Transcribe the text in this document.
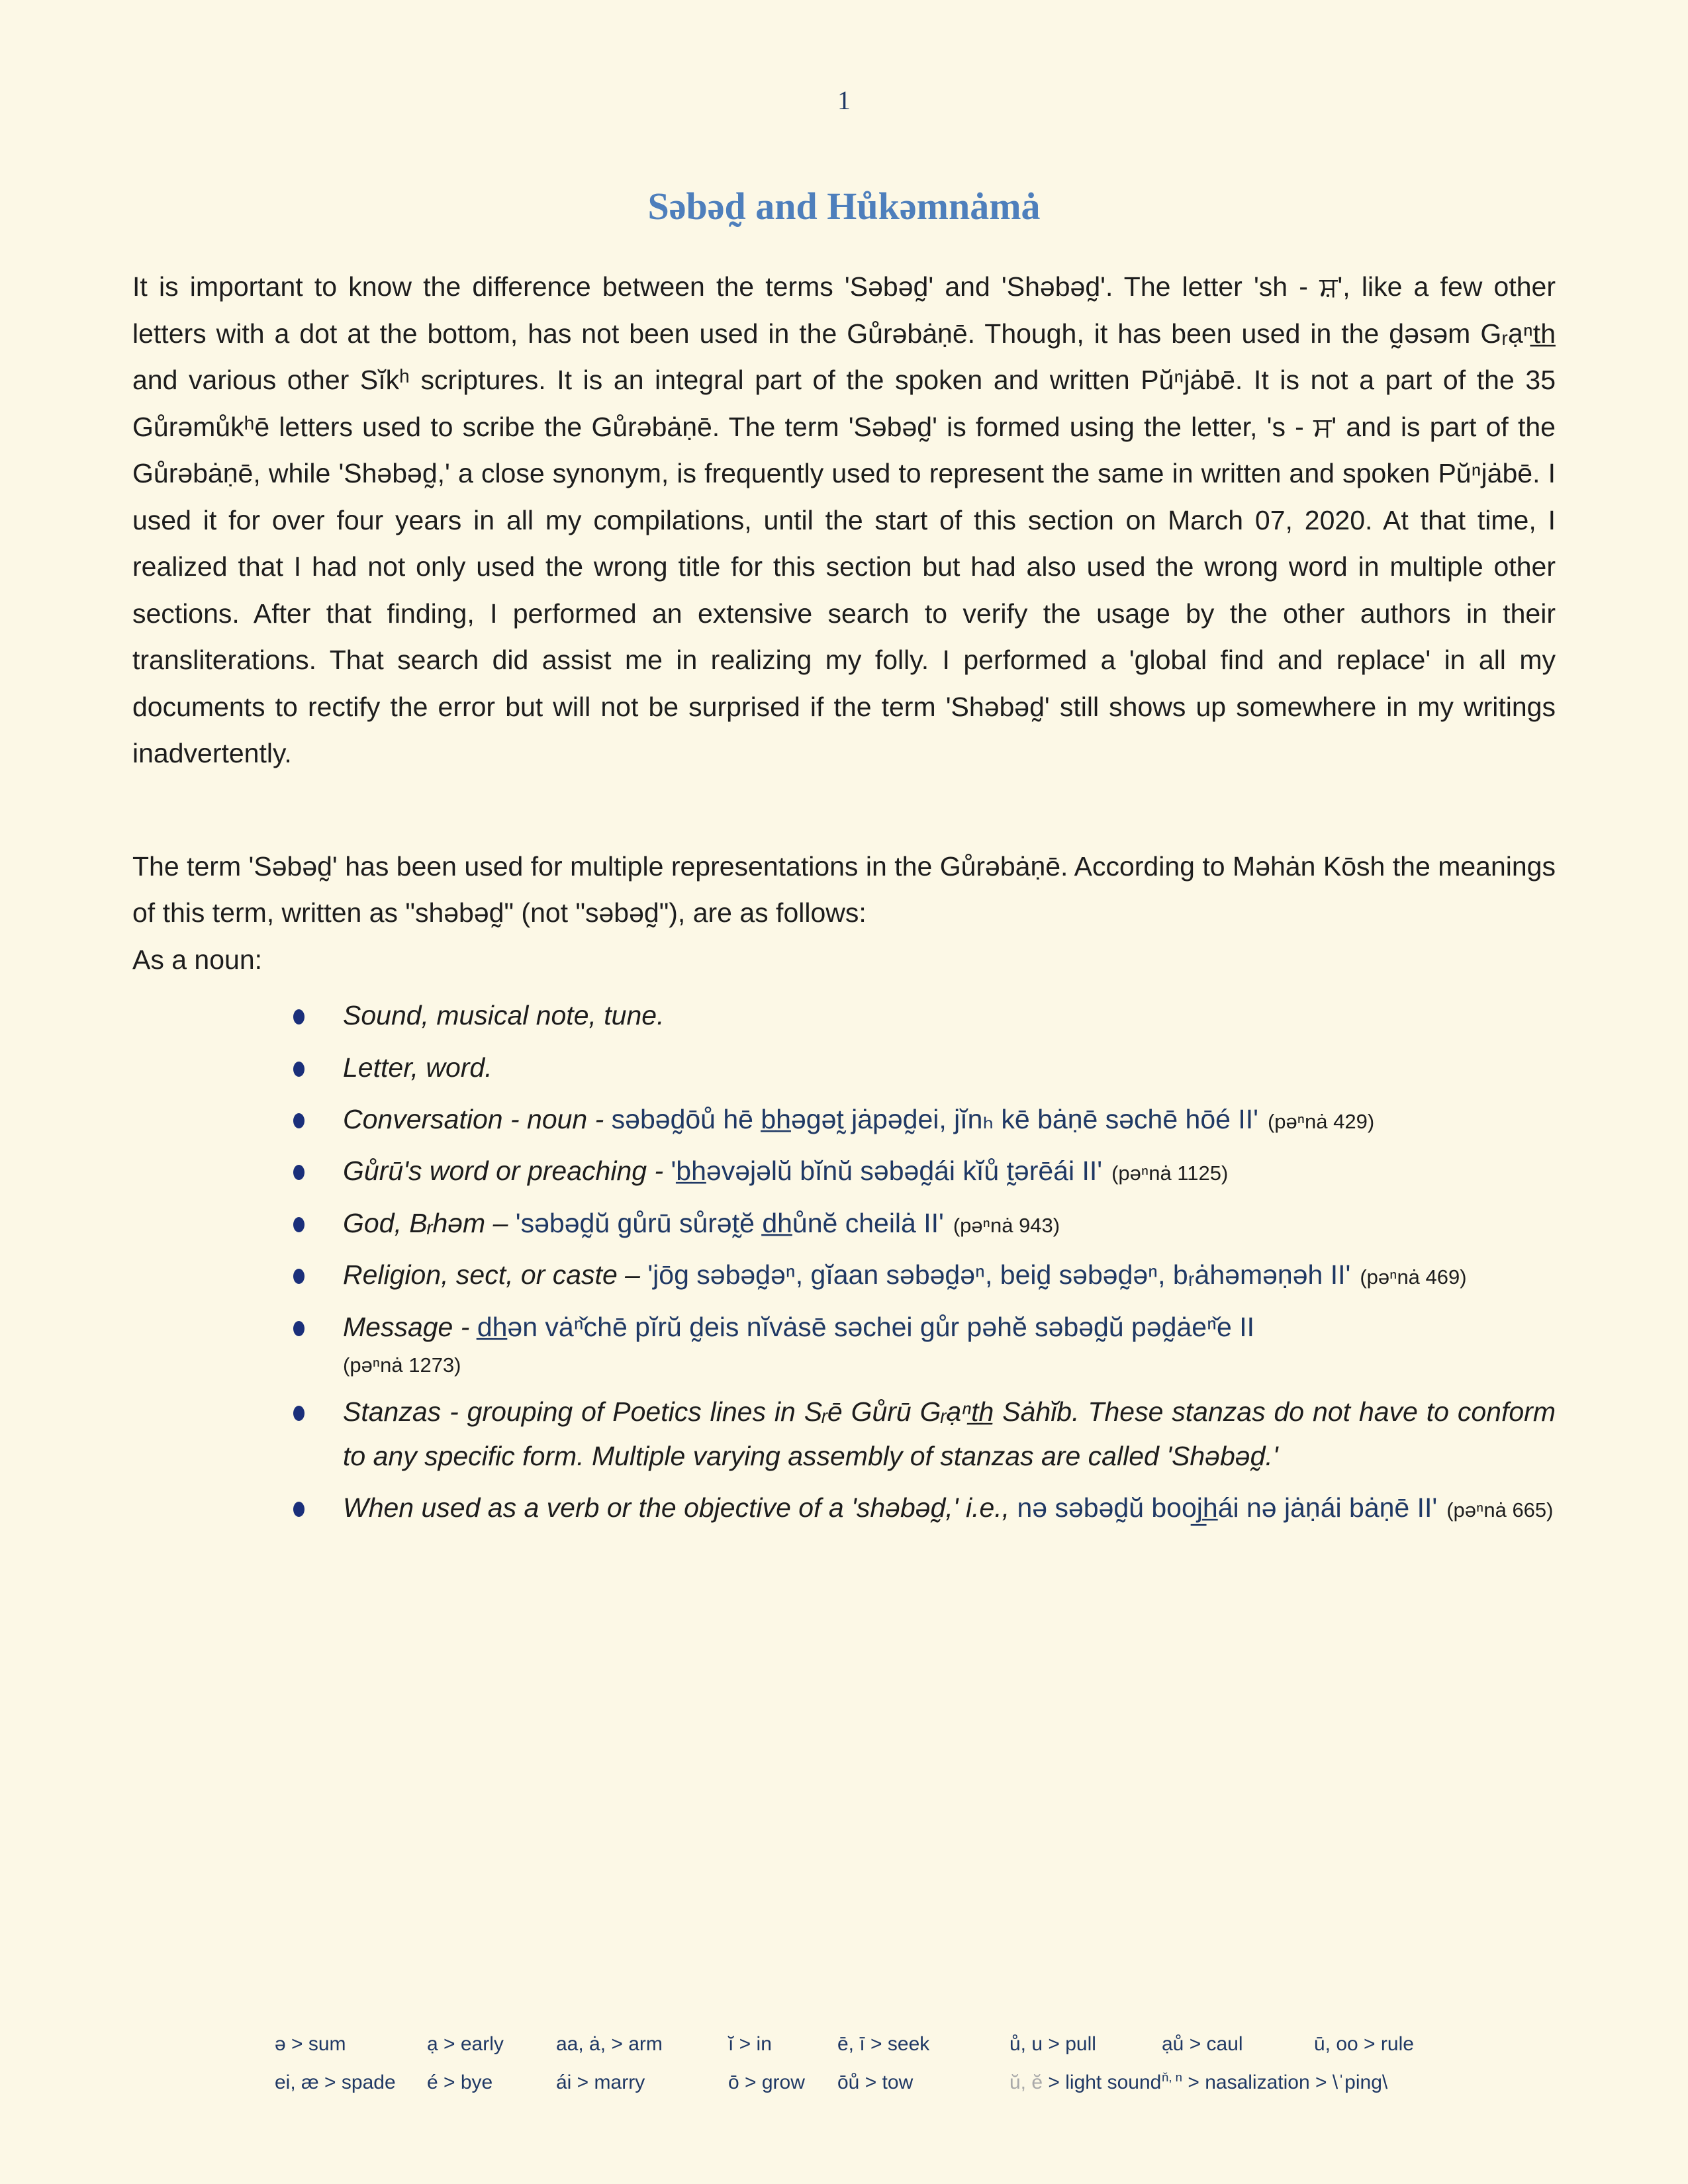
1
Səbəd̰ and Hůkəmnȧmȧ

It is important to know the difference between the terms 'Səbəd̰' and 'Shəbəd̰'. The letter 'sh - ਸ਼', like a few other letters with a dot at the bottom, has not been used in the Gůrəbȧṇē. Though, it has been used in the d̰əsəm Gᵣạⁿt̲h̲ and various other Sĭkʰ scriptures. It is an integral part of the spoken and written Pŭⁿjȧbē. It is not a part of the 35 Gůrəmůkʰē letters used to scribe the Gůrəbȧṇē. The term 'Səbəd̰' is formed using the letter, 's - ਸ' and is part of the Gůrəbȧṇē, while 'Shəbəd̰,' a close synonym, is frequently used to represent the same in written and spoken Pŭⁿjȧbē. I used it for over four years in all my compilations, until the start of this section on March 07, 2020. At that time, I realized that I had not only used the wrong title for this section but had also used the wrong word in multiple other sections. After that finding, I performed an extensive search to verify the usage by the other authors in their transliterations. That search did assist me in realizing my folly. I performed a 'global find and replace' in all my documents to rectify the error but will not be surprised if the term 'Shəbəd̰' still shows up somewhere in my writings inadvertently.

The term 'Səbəd̰' has been used for multiple representations in the Gůrəbȧṇē. According to Məhȧn Kōsh the meanings of this term, written as "shəbəd̰" (not "səbəd̰"), are as follows:

As a noun:

Sound, musical note, tune.
Letter, word.
Conversation - noun - səbəd̰ōů hē b̲h̲əgət̰ jȧpəd̰ei, jĭnₕ kē bȧṇē səchē hōé II' (pəⁿnȧ 429)
Gůrū's word or preaching - 'b̲h̲əvəjəlŭ bĭnŭ səbəd̰ái kĭů t̰ərēái II' (pəⁿnȧ 1125)
God, Bᵣhəm – 'səbəd̰ŭ gůrū sůrət̰ĕ d̲h̲ůnĕ cheilȧ II' (pəⁿnȧ 943)
Religion, sect, or caste – 'jōg səbəd̰əⁿ, gĭaan səbəd̰əⁿ, beid̰ səbəd̰əⁿ, bᵣȧhəməṇəh II' (pəⁿnȧ 469)
Message - d̲h̲ən vȧⁿ̌chē pĭrŭ d̰eis nĭvȧsē səchei gůr pəhĕ səbəd̰ŭ pəd̰ȧeⁿ̌e II
(pəⁿnȧ 1273)
Stanzas - grouping of Poetics lines in Sᵣē Gůrū Gᵣạⁿt̲h̲ Sȧhĭb. These stanzas do not have to conform to any specific form. Multiple varying assembly of stanzas are called 'Shəbəd̰.'
When used as a verb or the objective of a 'shəbəd̰,' i.e., nə səbəd̰ŭ booj̲h̲ái nə jȧṇái bȧṇē II' (pəⁿnȧ 665)
ə > sum	ạ > early	aa, ȧ, > arm	ĭ > in	ē, ī > seek	ů, u > pull	ạů > caul	ū, oo > rule
ei, æ > spade	é > bye	ái > marry	ō > grow	ōů > tow	ŭ, ĕ > light sound $^{ň, n}$ > nasalization > \ˈping\
